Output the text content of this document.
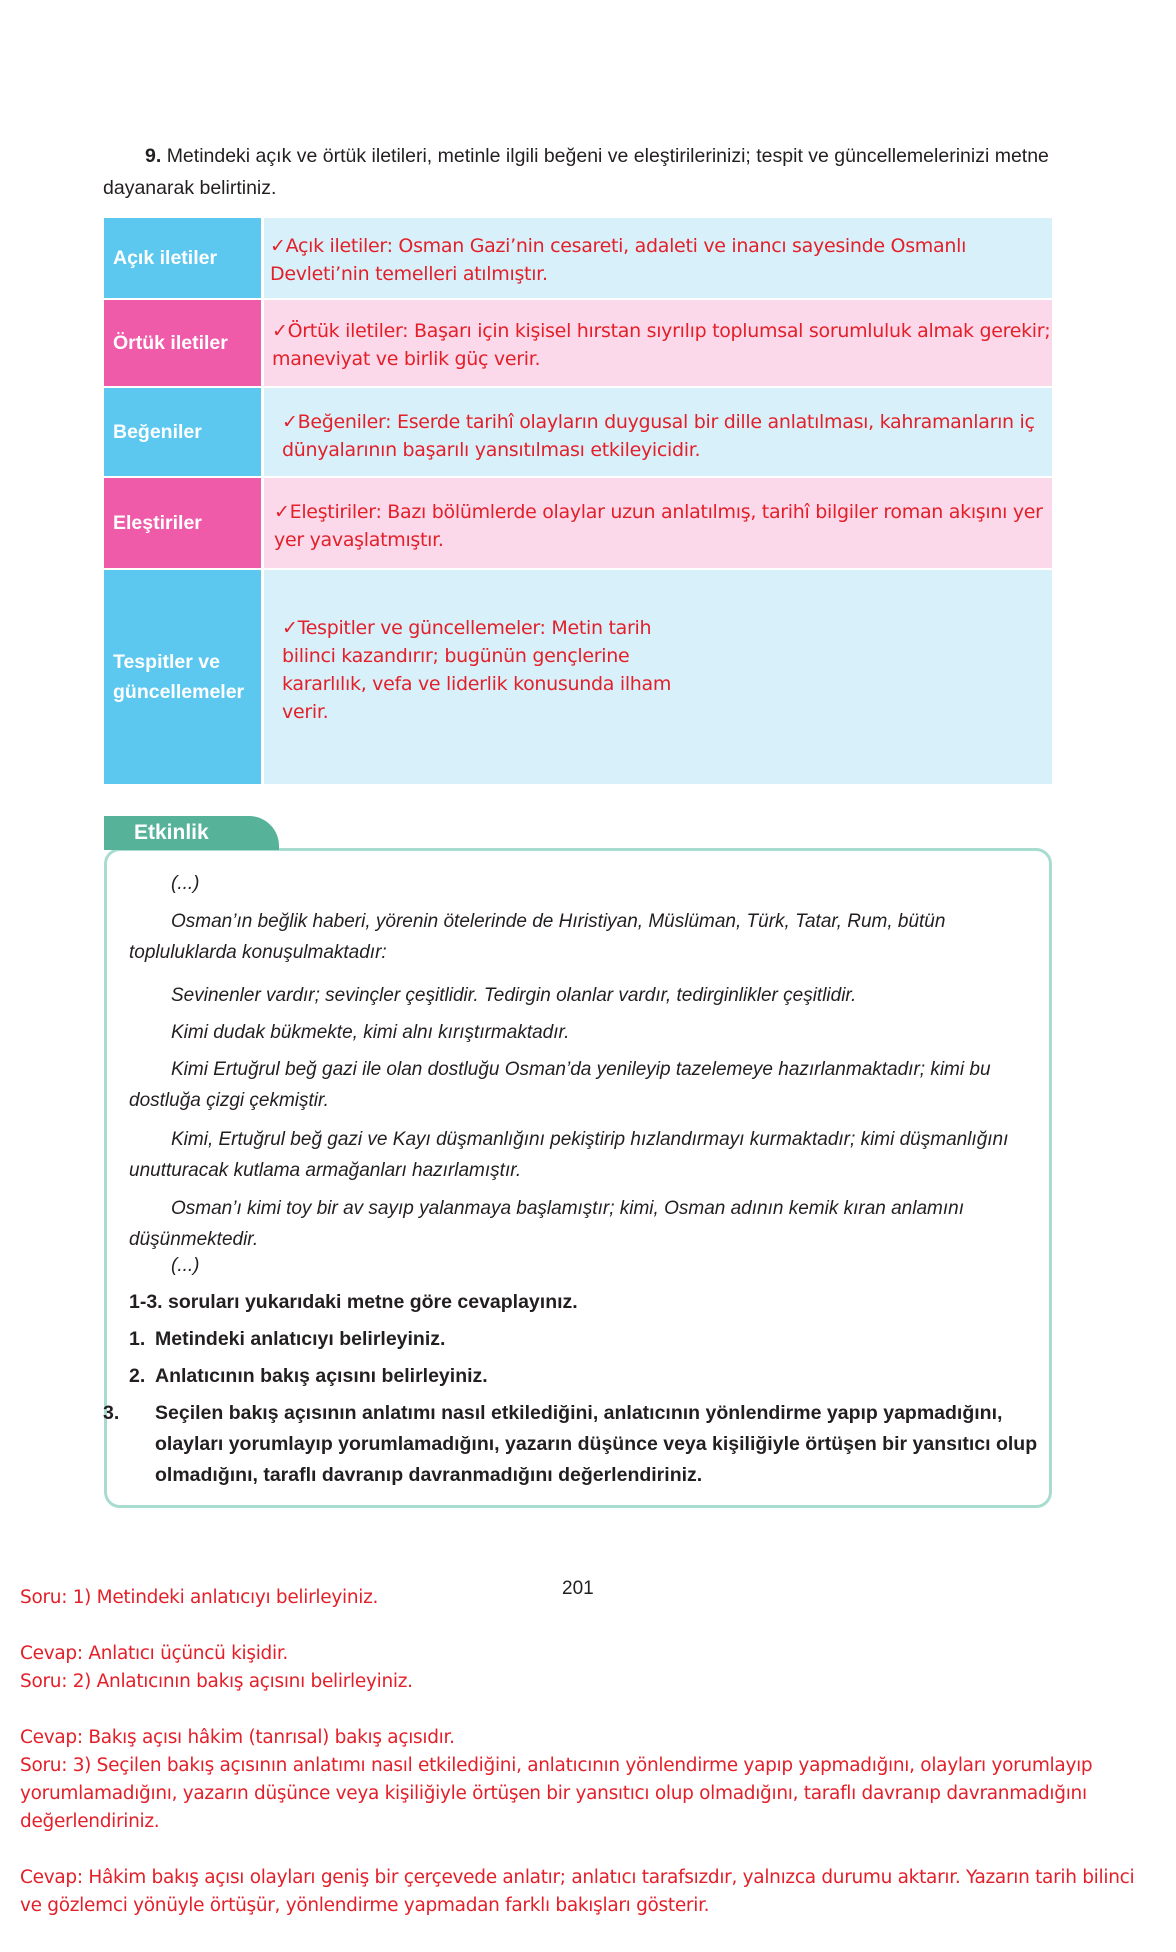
9. Metindeki açık ve örtük iletileri, metinle ilgili beğeni ve eleştirilerinizi; tespit ve güncellemelerinizi metne dayanarak belirtiniz.
Açık iletiler
✓Açık iletiler: Osman Gazi’nin cesareti, adaleti ve inancı sayesinde Osmanlı Devleti’nin temelleri atılmıştır.
Örtük iletiler
✓Örtük iletiler: Başarı için kişisel hırstan sıyrılıp toplumsal sorumluluk almak gerekir; maneviyat ve birlik güç verir.
Beğeniler	✓Beğeniler: Eserde tarihî olayların duygusal bir dille anlatılması, kahramanların iç dünyalarının başarılı yansıtılması etkileyicidir.
Eleştiriler	✓Eleştiriler: Bazı bölümlerde olaylar uzun anlatılmış, tarihî bilgiler roman akışını yer yer yavaşlatmıştır.
Tespitler ve güncellemeler
✓Tespitler ve güncellemeler: Metin tarih bilinci kazandırır; bugünün gençlerine kararlılık, vefa ve liderlik konusunda ilham verir.
Etkinlik
(...)
Osman’ın beğlik haberi, yörenin ötelerinde de Hıristiyan, Müslüman, Türk, Tatar, Rum, bütün topluluklarda konuşulmaktadır:
Sevinenler vardır; sevinçler çeşitlidir. Tedirgin olanlar vardır, tedirginlikler çeşitlidir.
Kimi dudak bükmekte, kimi alnı kırıştırmaktadır.
Kimi Ertuğrul beğ gazi ile olan dostluğu Osman’da yenileyip tazelemeye hazırlanmaktadır; kimi bu dostluğa çizgi çekmiştir.
Kimi, Ertuğrul beğ gazi ve Kayı düşmanlığını pekiştirip hızlandırmayı kurmaktadır; kimi düşmanlığını unutturacak kutlama armağanları hazırlamıştır.
Osman’ı kimi toy bir av sayıp yalanmaya başlamıştır; kimi, Osman adının kemik kıran anlamını düşünmektedir.
(...)
1-3. soruları yukarıdaki metne göre cevaplayınız.
1. Metindeki anlatıcıyı belirleyiniz.
2. Anlatıcının bakış açısını belirleyiniz.
3. Seçilen bakış açısının anlatımı nasıl etkilediğini, anlatıcının yönlendirme yapıp yapmadığını, olayları yorumlayıp yorumlamadığını, yazarın düşünce veya kişiliğiyle örtüşen bir yansıtıcı olup olmadığını, taraflı davranıp davranmadığını değerlendiriniz.
201

Soru: 1) Metindeki anlatıcıyı belirleyiniz.

Cevap: Anlatıcı üçüncü kişidir.

Soru: 2) Anlatıcının bakış açısını belirleyiniz.

Cevap: Bakış açısı hâkim (tanrısal) bakış açısıdır.

Soru: 3) Seçilen bakış açısının anlatımı nasıl etkilediğini, anlatıcının yönlendirme yapıp yapmadığını, olayları yorumlayıp yorumlamadığını, yazarın düşünce veya kişiliğiyle örtüşen bir yansıtıcı olup olmadığını, taraflı davranıp davranmadığını değerlendiriniz.

Cevap: Hâkim bakış açısı olayları geniş bir çerçevede anlatır; anlatıcı tarafsızdır, yalnızca durumu aktarır. Yazarın tarih bilinci ve gözlemci yönüyle örtüşür, yönlendirme yapmadan farklı bakışları gösterir.
